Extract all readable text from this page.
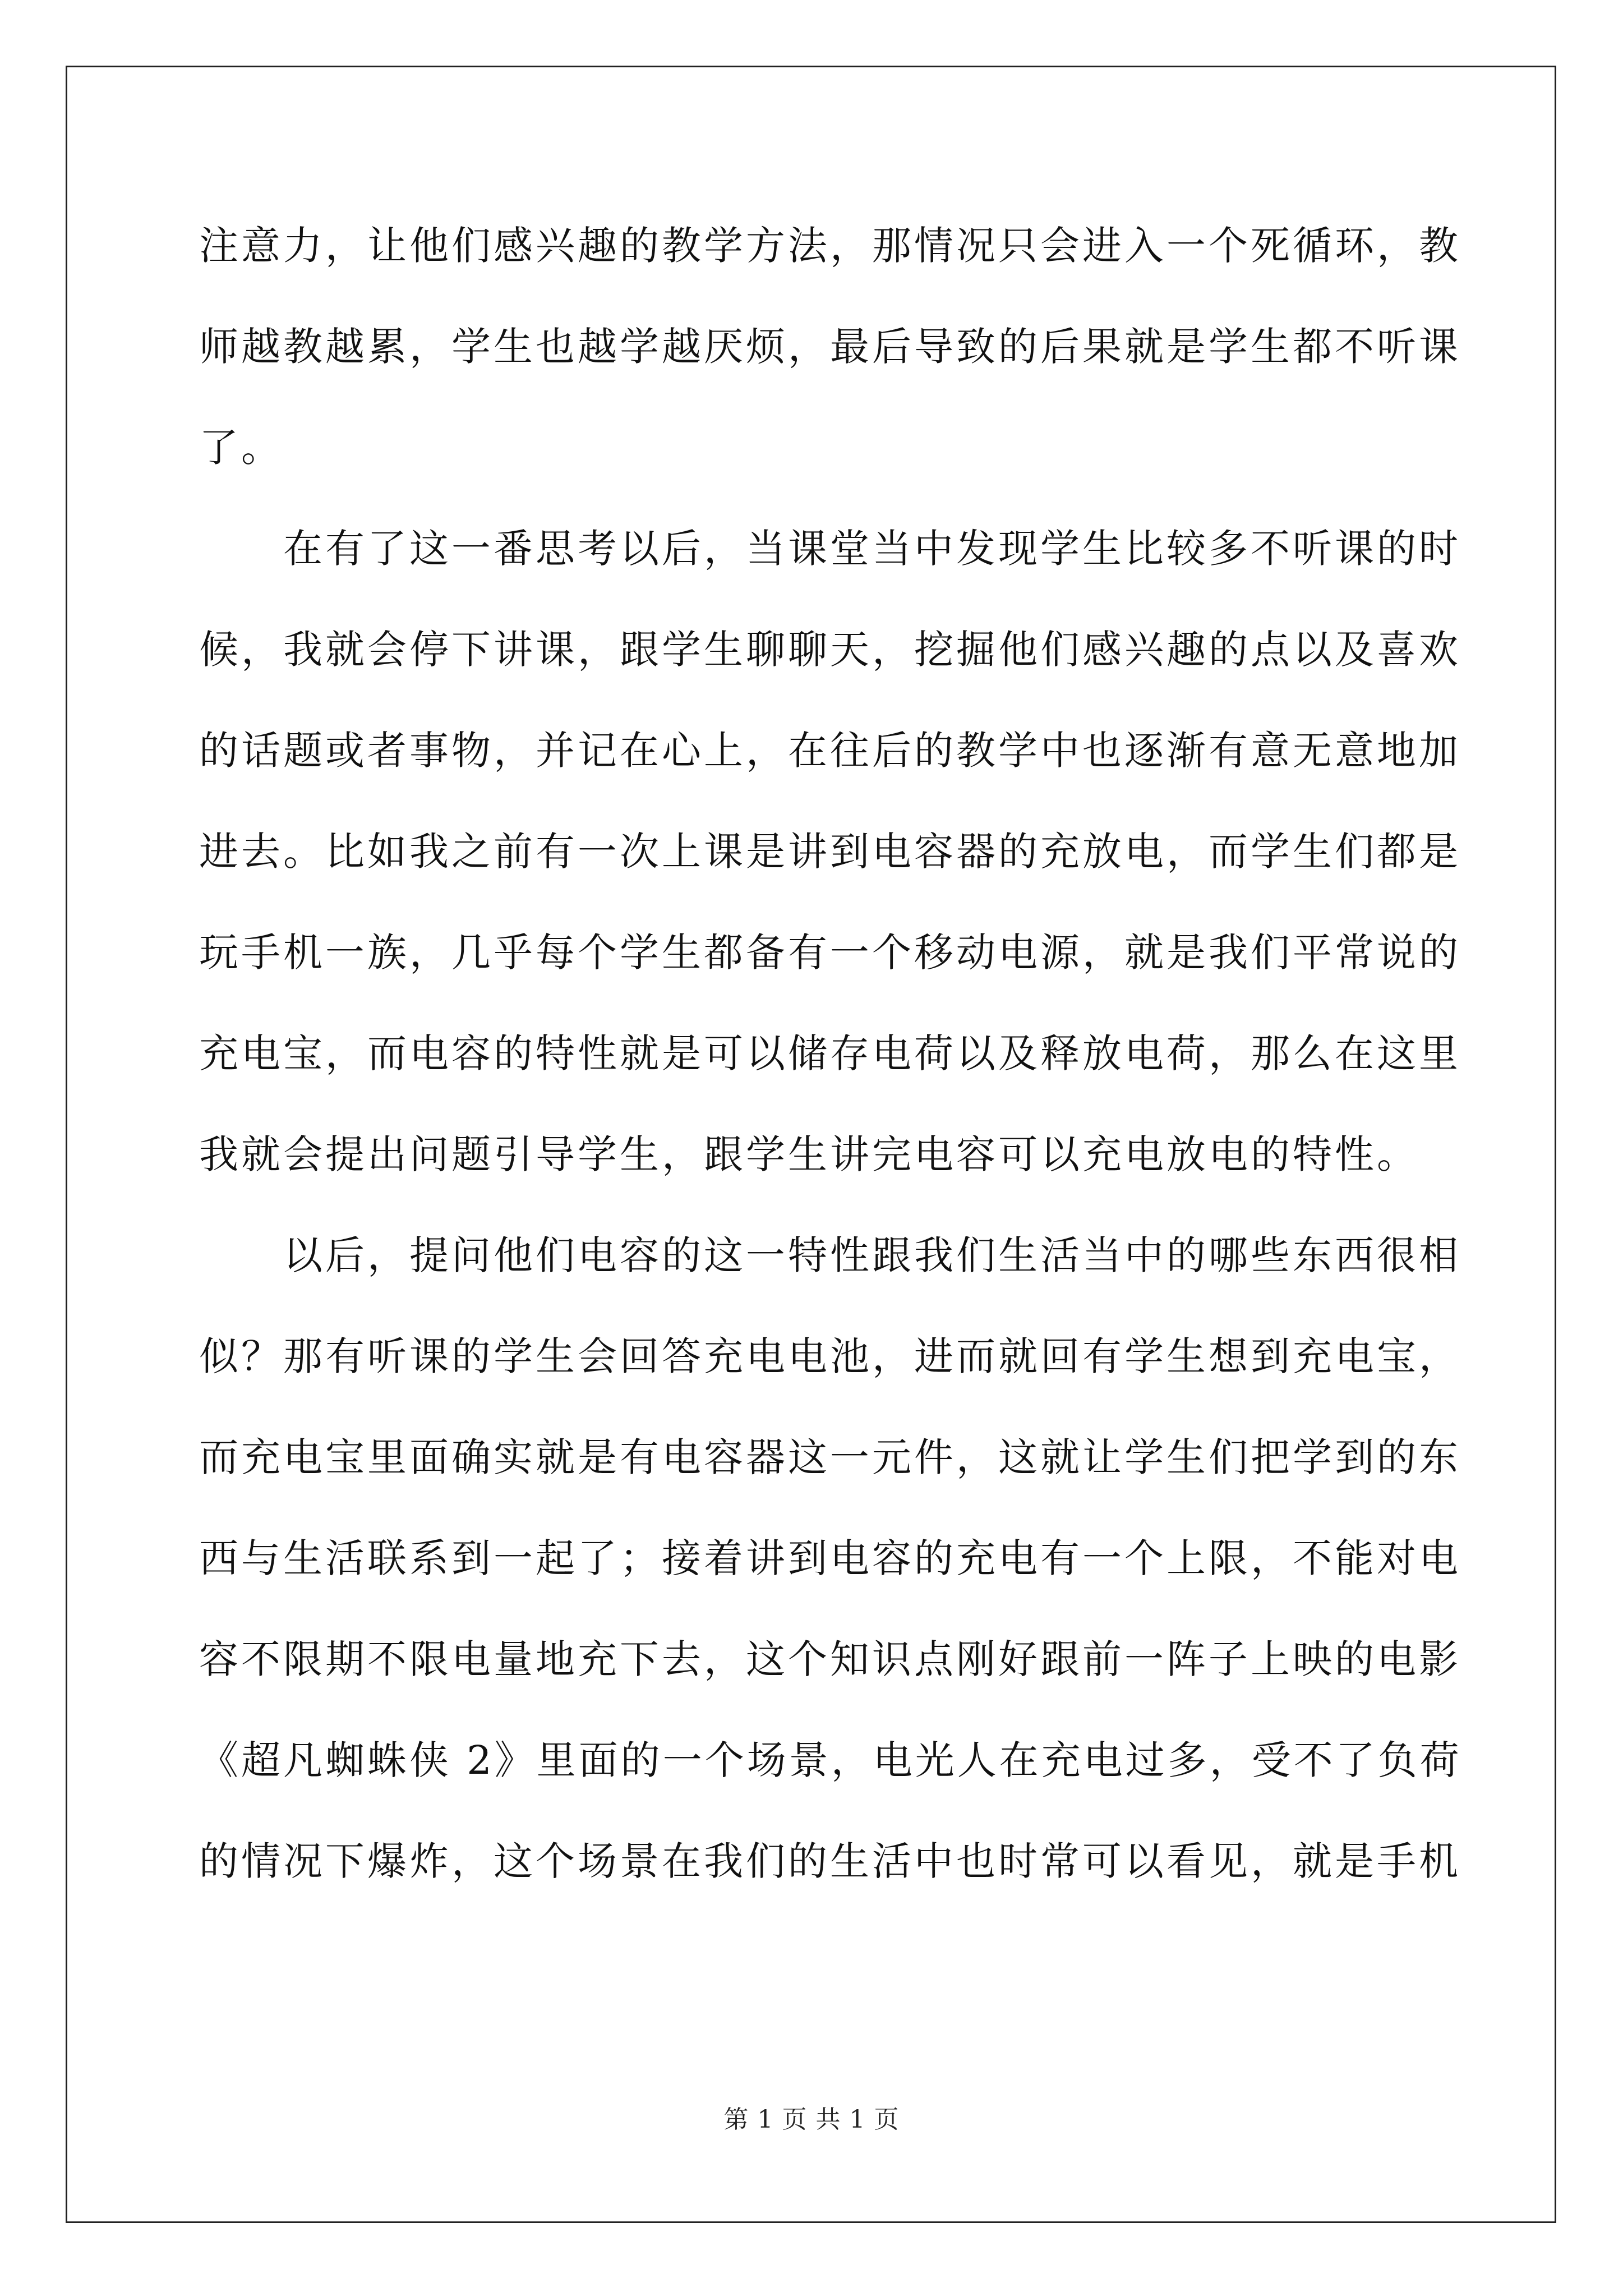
注意力，让他们感兴趣的教学方法，那情况只会进入一个死循环，教
师越教越累，学生也越学越厌烦，最后导致的后果就是学生都不听课
了。

在有了这一番思考以后，当课堂当中发现学生比较多不听课的时
候，我就会停下讲课，跟学生聊聊天，挖掘他们感兴趣的点以及喜欢
的话题或者事物，并记在心上，在往后的教学中也逐渐有意无意地加
进去。比如我之前有一次上课是讲到电容器的充放电，而学生们都是
玩手机一族，几乎每个学生都备有一个移动电源，就是我们平常说的
充电宝，而电容的特性就是可以储存电荷以及释放电荷，那么在这里
我就会提出问题引导学生，跟学生讲完电容可以充电放电的特性。

以后，提问他们电容的这一特性跟我们生活当中的哪些东西很相
似？那有听课的学生会回答充电电池，进而就回有学生想到充电宝，
而充电宝里面确实就是有电容器这一元件，这就让学生们把学到的东
西与生活联系到一起了；接着讲到电容的充电有一个上限，不能对电
容不限期不限电量地充下去，这个知识点刚好跟前一阵子上映的电影
《超凡蜘蛛侠 2》里面的一个场景，电光人在充电过多，受不了负荷
的情况下爆炸，这个场景在我们的生活中也时常可以看见，就是手机

第 1 页 共 1 页
